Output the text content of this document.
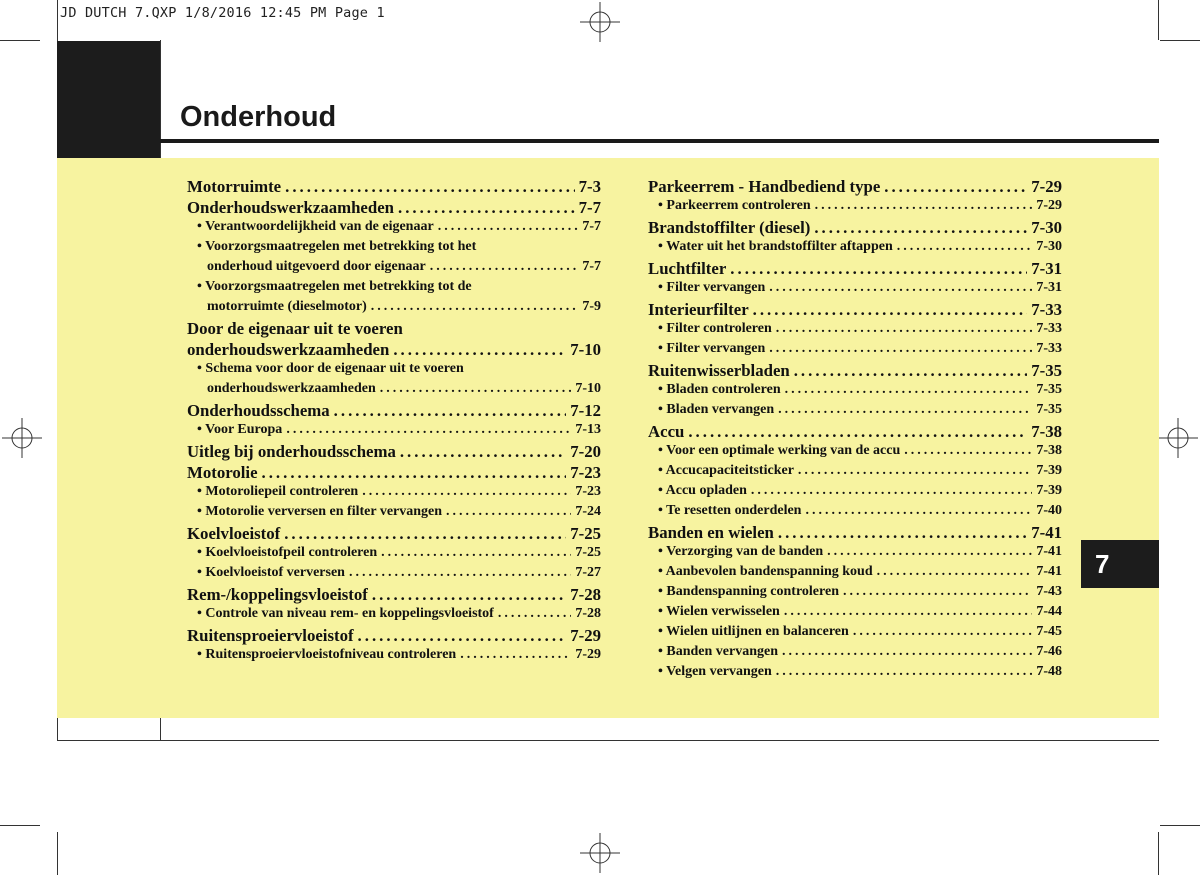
JD DUTCH 7.QXP 1/8/2016 12:45 PM Page 1
Onderhoud
Motorruimte .....	7-3
Onderhoudswerkzaamheden .....	7-7
• Verantwoordelijkheid van de eigenaar .....	7-7
• Voorzorgsmaatregelen met betrekking tot het
onderhoud uitgevoerd door eigenaar .....	7-7
• Voorzorgsmaatregelen met betrekking tot de
motorruimte (dieselmotor) .....	7-9
Door de eigenaar uit te voeren
onderhoudswerkzaamheden .....	7-10
• Schema voor door de eigenaar uit te voeren
onderhoudswerkzaamheden .....	7-10
Onderhoudsschema .....	7-12
• Voor Europa .....	7-13
Uitleg bij onderhoudsschema .....	7-20
Motorolie .....	7-23
• Motoroliepeil controleren .....	7-23
• Motorolie verversen en filter vervangen .....	7-24
Koelvloeistof .....	7-25
• Koelvloeistofpeil controleren .....	7-25
• Koelvloeistof verversen .....	7-27
Rem-/koppelingsvloeistof .....	7-28
• Controle van niveau rem- en koppelingsvloeistof .....	7-28
Ruitensproeiervloeistof .....	7-29
• Ruitensproeiervloeistofniveau controleren .....	7-29
Parkeerrem - Handbediend type .....	7-29
• Parkeerrem controleren .....	7-29
Brandstoffilter (diesel) .....	7-30
• Water uit het brandstoffilter aftappen .....	7-30
Luchtfilter .....	7-31
• Filter vervangen .....	7-31
Interieurfilter .....	7-33
• Filter controleren .....	7-33
• Filter vervangen .....	7-33
Ruitenwisserbladen .....	7-35
• Bladen controleren .....	7-35
• Bladen vervangen .....	7-35
Accu .....	7-38
• Voor een optimale werking van de accu .....	7-38
• Accucapaciteitsticker .....	7-39
• Accu opladen .....	7-39
• Te resetten onderdelen .....	7-40
Banden en wielen .....	7-41
• Verzorging van de banden .....	7-41
• Aanbevolen bandenspanning koud .....	7-41
• Bandenspanning controleren .....	7-43
• Wielen verwisselen .....	7-44
• Wielen uitlijnen en balanceren .....	7-45
• Banden vervangen .....	7-46
• Velgen vervangen .....	7-48
7
